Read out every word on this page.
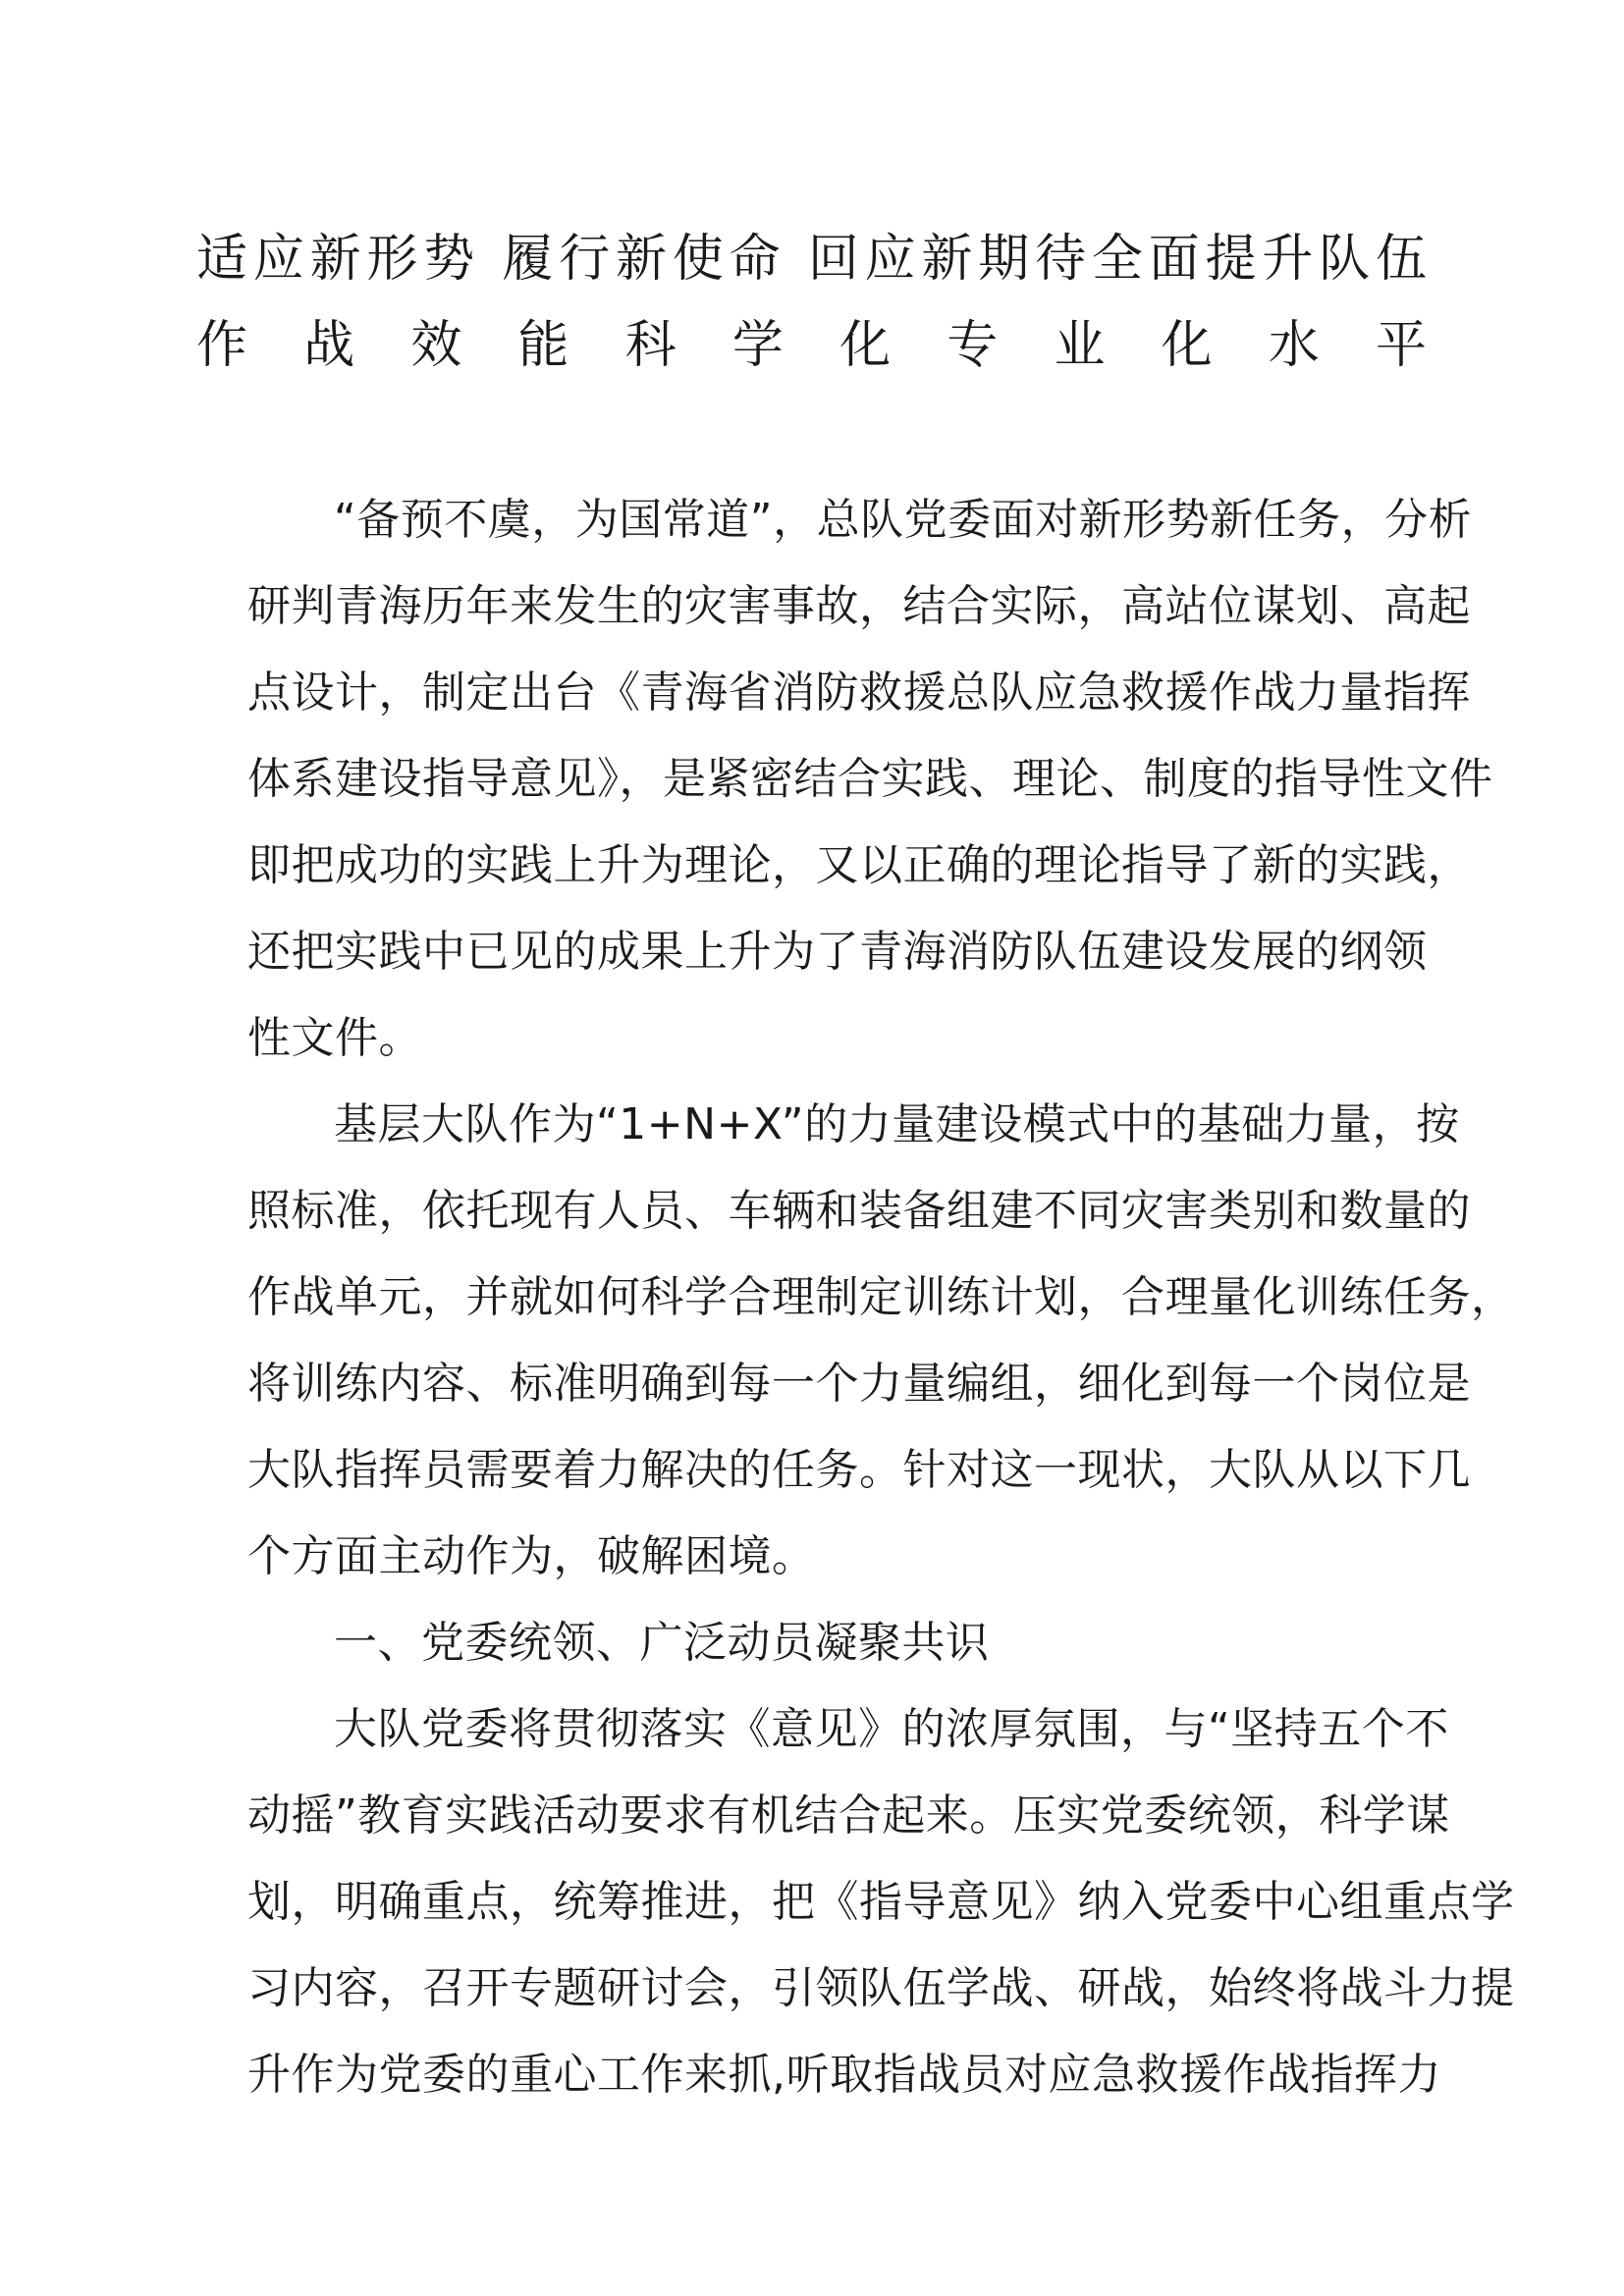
适应新形势 履行新使命 回应新期待全面提升队伍
作战效能科学化专业化水平
“备预不虞，为国常道”，总队党委面对新形势新任务，分析
研判青海历年来发生的灾害事故，结合实际，高站位谋划、高起
点设计，制定出台《青海省消防救援总队应急救援作战力量指挥
体系建设指导意见》，是紧密结合实践、理论、制度的指导性文件
即把成功的实践上升为理论，又以正确的理论指导了新的实践，
还把实践中已见的成果上升为了青海消防队伍建设发展的纲领
性文件。
基层大队作为“1+N+X”的力量建设模式中的基础力量，按
照标准，依托现有人员、车辆和装备组建不同灾害类别和数量的
作战单元，并就如何科学合理制定训练计划，合理量化训练任务，
将训练内容、标准明确到每一个力量编组，细化到每一个岗位是
大队指挥员需要着力解决的任务。针对这一现状，大队从以下几
个方面主动作为，破解困境。
一、党委统领、广泛动员凝聚共识
大队党委将贯彻落实《意见》的浓厚氛围，与“坚持五个不
动摇”教育实践活动要求有机结合起来。压实党委统领，科学谋
划，明确重点，统筹推进，把《指导意见》纳入党委中心组重点学
习内容，召开专题研讨会，引领队伍学战、研战，始终将战斗力提
升作为党委的重心工作来抓,听取指战员对应急救援作战指挥力
